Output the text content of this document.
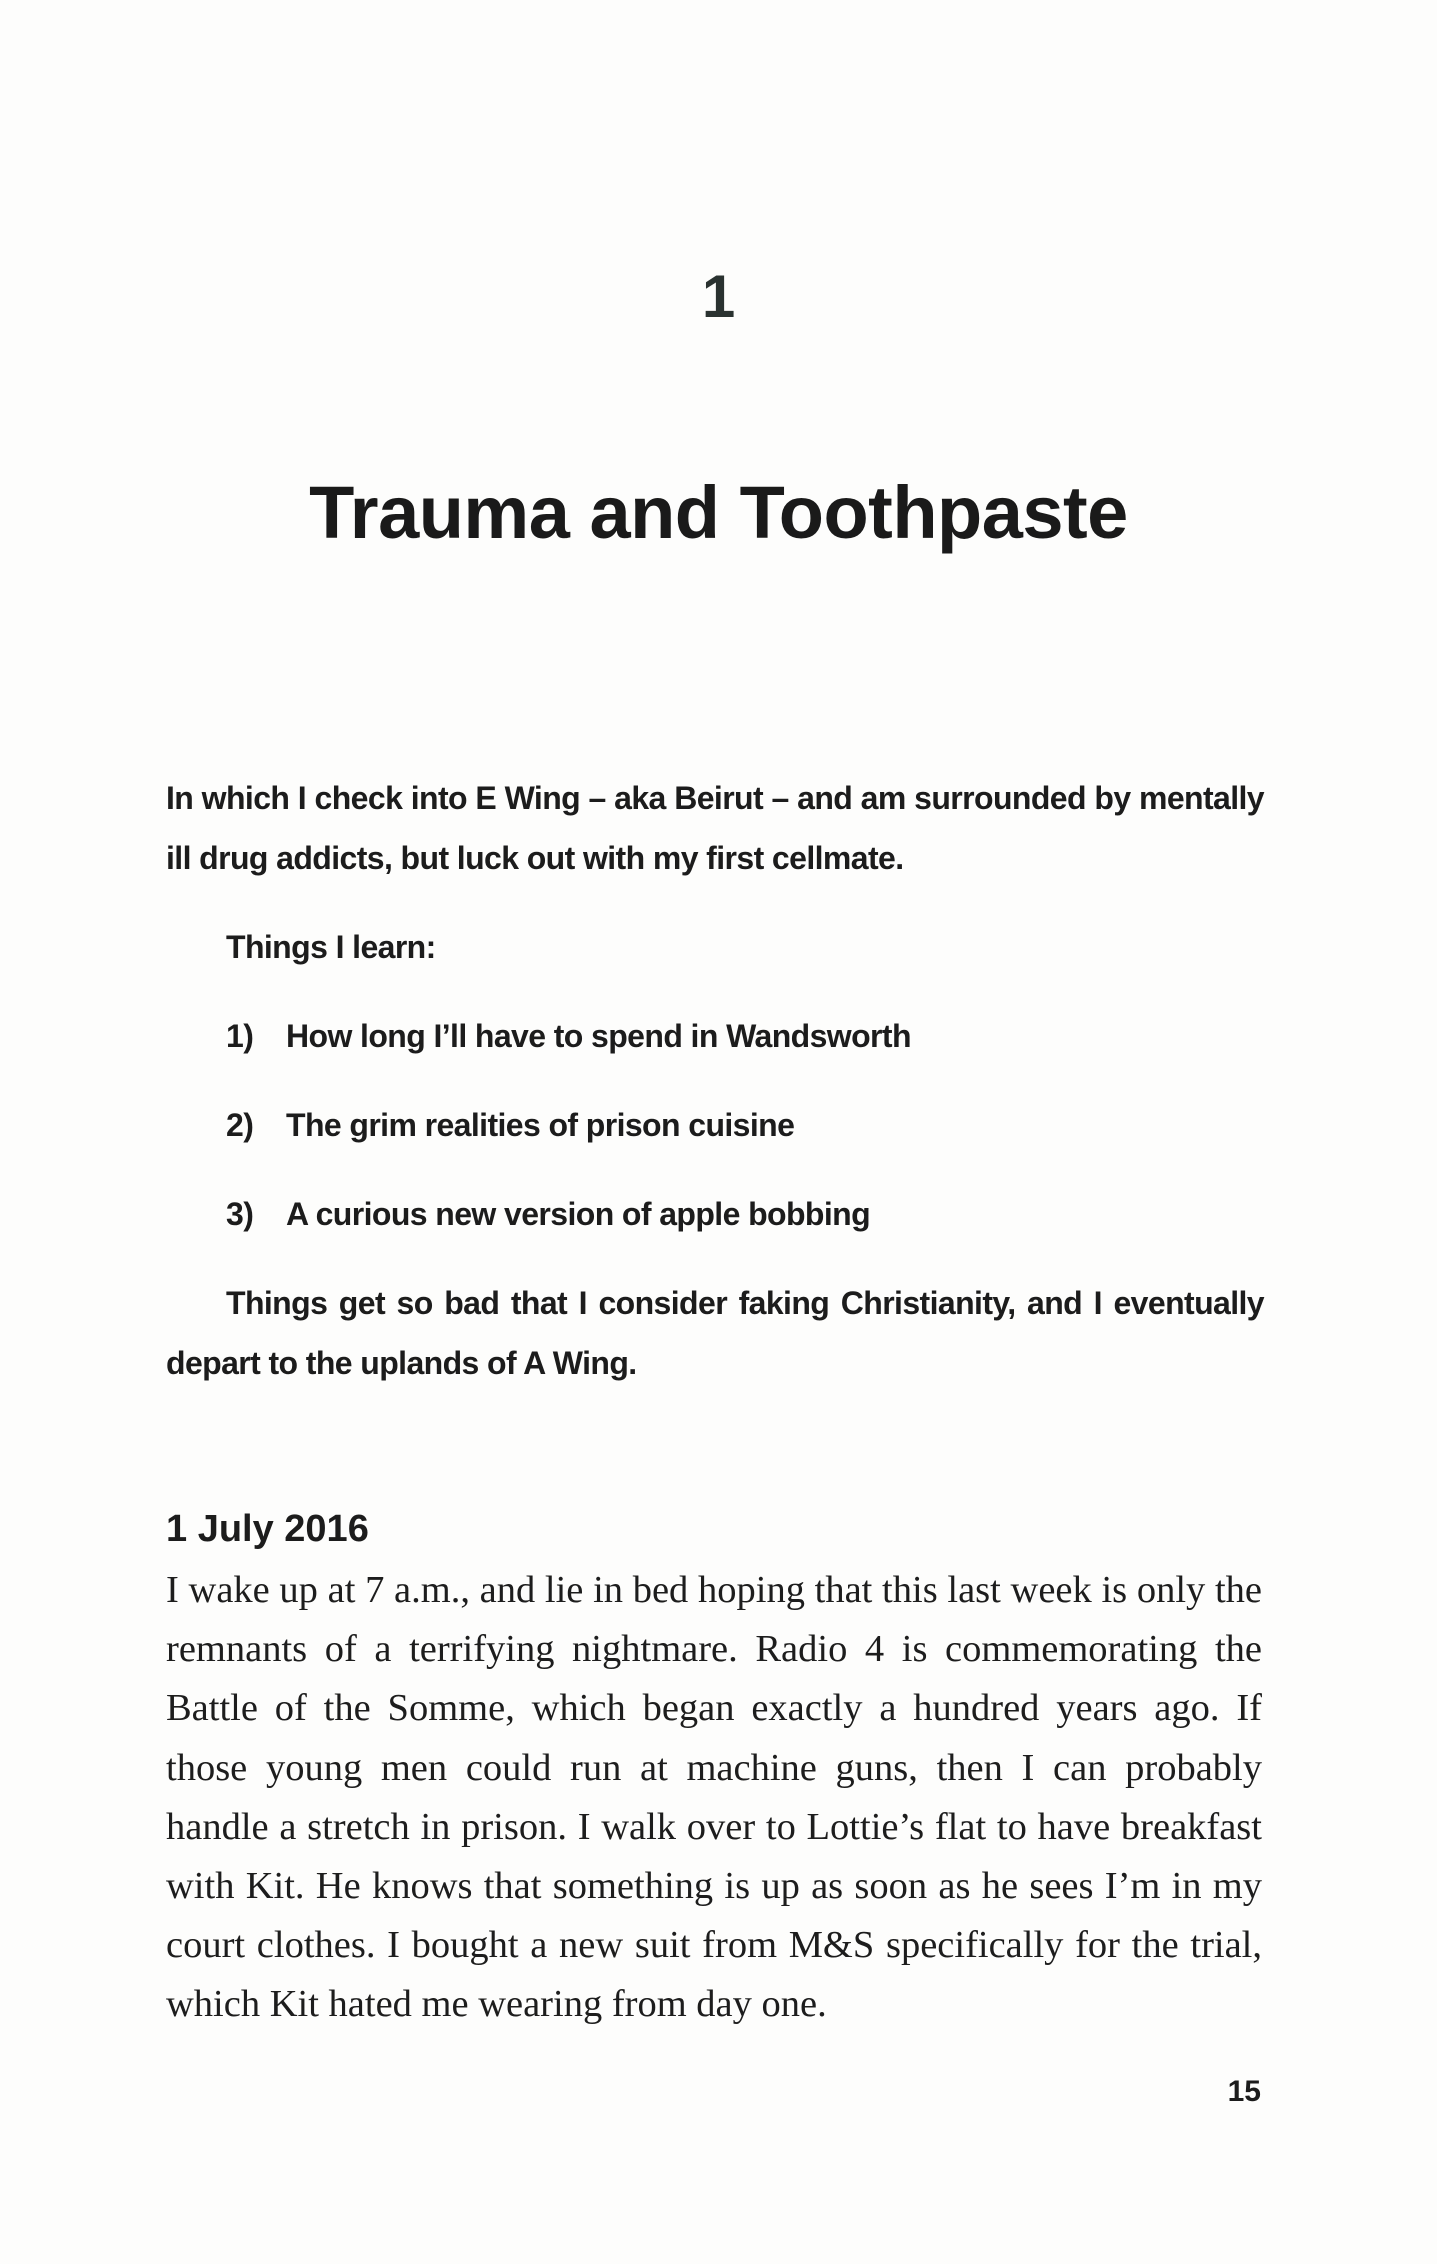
1
Trauma and Toothpaste

In which I check into E Wing – aka Beirut – and am surrounded by mentally ill drug addicts, but luck out with my first cellmate.

Things I learn:

1)	How long I’ll have to spend in Wandsworth
2)	The grim realities of prison cuisine
3)	A curious new version of apple bobbing

Things get so bad that I consider faking Christianity, and I eventually depart to the uplands of A Wing.

1 July 2016

I wake up at 7 a.m., and lie in bed hoping that this last week is only the remnants of a terrifying nightmare. Radio 4 is commemorating the Battle of the Somme, which began exactly a hundred years ago. If those young men could run at machine guns, then I can probably handle a stretch in prison. I walk over to Lottie’s flat to have breakfast with Kit. He knows that something is up as soon as he sees I’m in my court clothes. I bought a new suit from M&S specifically for the trial, which Kit hated me wearing from day one.

15
